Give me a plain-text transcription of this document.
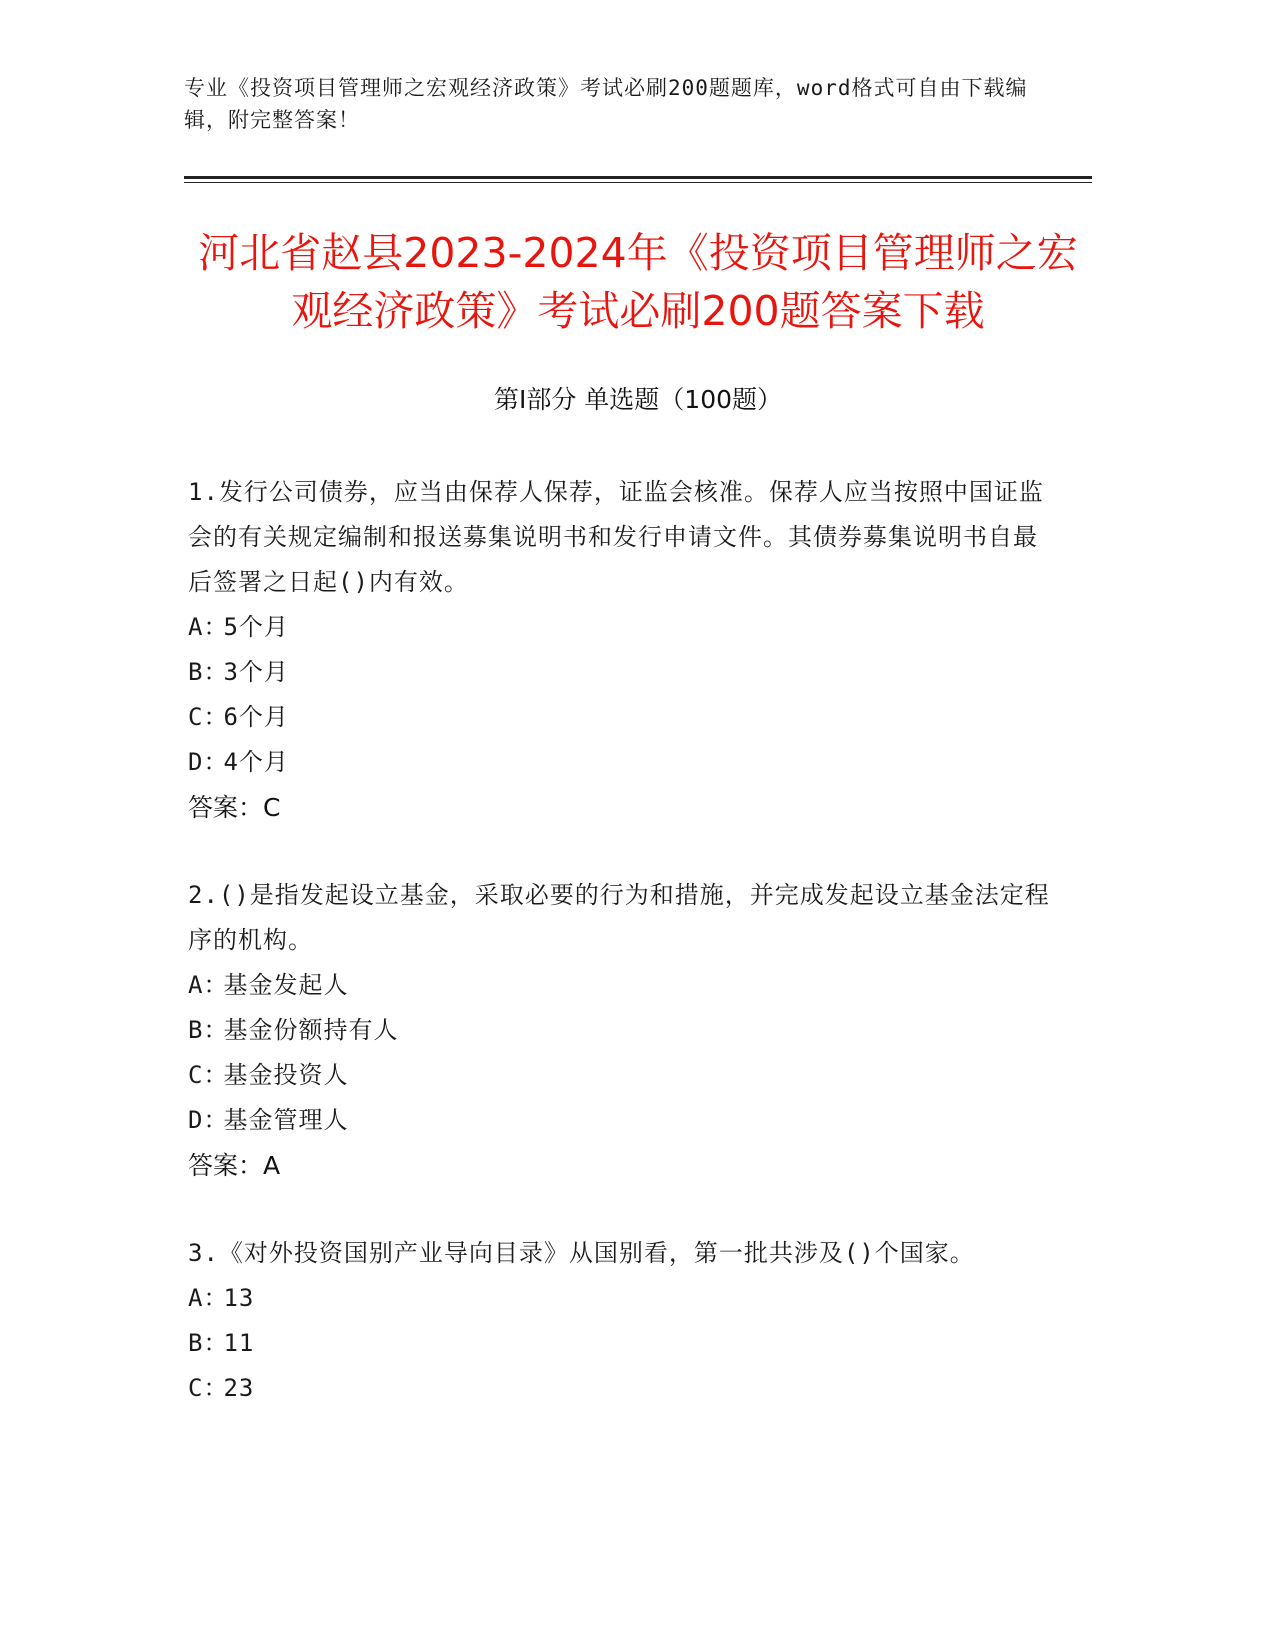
专业《投资项目管理师之宏观经济政策》考试必刷200题题库，word格式可自由下载编辑，附完整答案！
河北省赵县2023-2024年《投资项目管理师之宏观经济政策》考试必刷200题答案下载
第Ⅰ部分 单选题（100题）

1.发行公司债券，应当由保荐人保荐，证监会核准。保荐人应当按照中国证监会的有关规定编制和报送募集说明书和发行申请文件。其债券募集说明书自最后签署之日起()内有效。

A ：
5个月
B ：
3个月
C ：
6个月
D ：
4个月
答案：C

2.()是指发起设立基金，采取必要的行为和措施，并完成发起设立基金法定程序的机构。

A ：
基金发起人
B ：
基金份额持有人
C ：
基金投资人
D ：
基金管理人
答案：A

3.《对外投资国别产业导向目录》从国别看，第一批共涉及()个国家。

A ：
13
B ：
11
C ：
23
